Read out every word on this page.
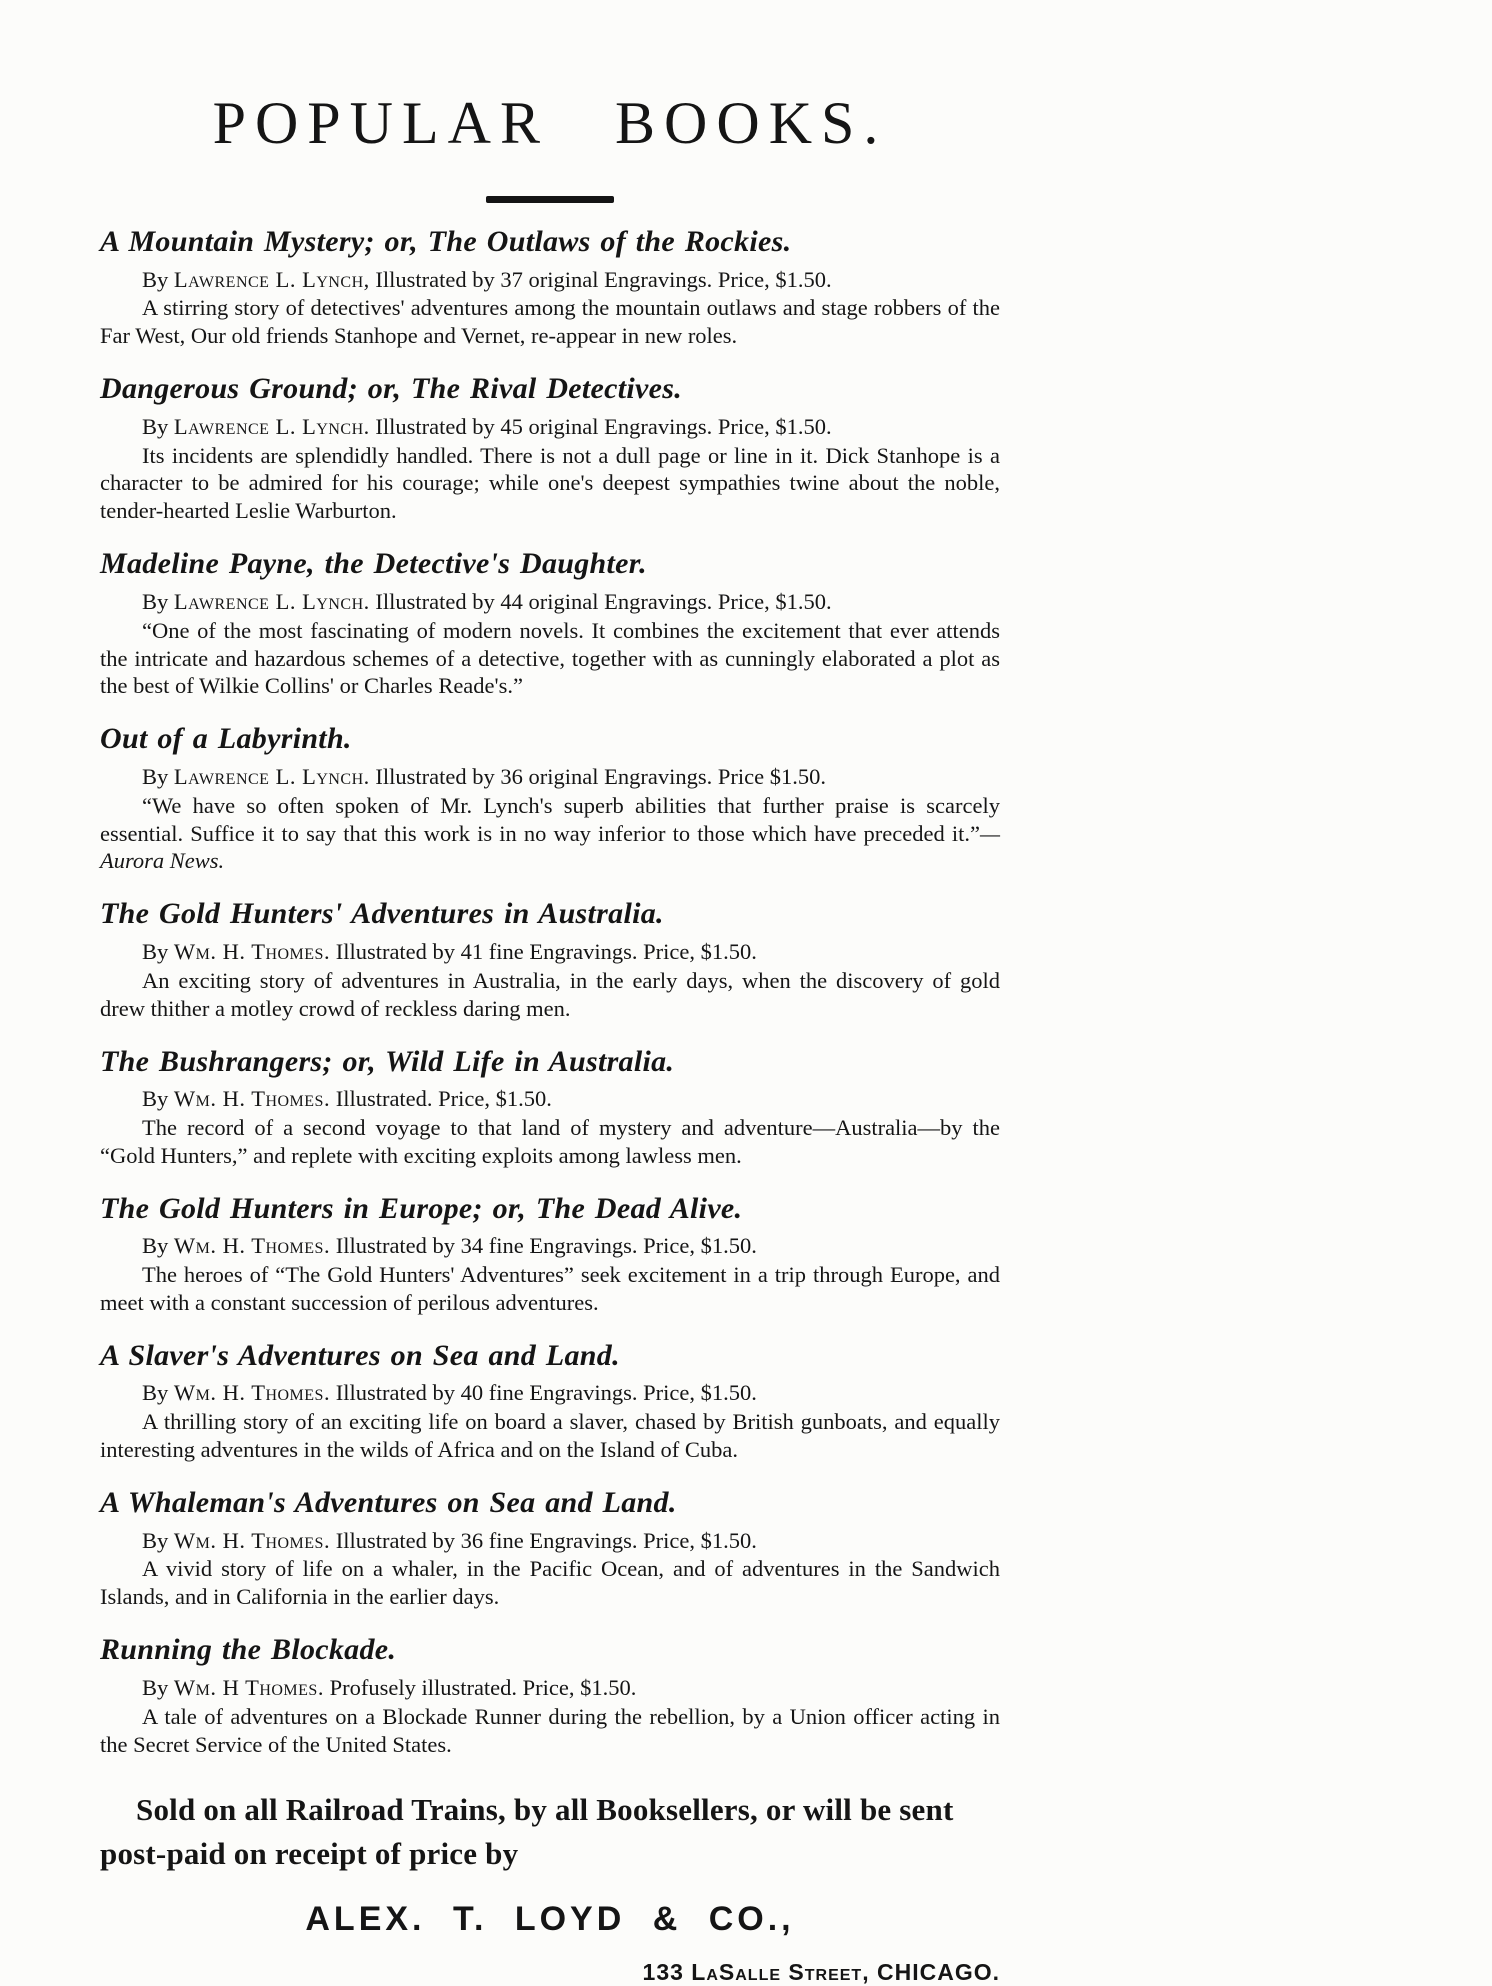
POPULAR BOOKS.
A Mountain Mystery; or, The Outlaws of the Rockies.

By Lawrence L. Lynch, Illustrated by 37 original Engravings. Price, $1.50.

A stirring story of detectives' adventures among the mountain outlaws and stage robbers of the Far West, Our old friends Stanhope and Vernet, re-appear in new roles.

Dangerous Ground; or, The Rival Detectives.

By Lawrence L. Lynch. Illustrated by 45 original Engravings. Price, $1.50.

Its incidents are splendidly handled. There is not a dull page or line in it. Dick Stanhope is a character to be admired for his courage; while one's deepest sympathies twine about the noble, tender-hearted Leslie Warburton.

Madeline Payne, the Detective's Daughter.

By Lawrence L. Lynch. Illustrated by 44 original Engravings. Price, $1.50.

“One of the most fascinating of modern novels. It combines the excitement that ever attends the intricate and hazardous schemes of a detective, together with as cunningly elaborated a plot as the best of Wilkie Collins' or Charles Reade's.”

Out of a Labyrinth.

By Lawrence L. Lynch. Illustrated by 36 original Engravings. Price $1.50.

“We have so often spoken of Mr. Lynch's superb abilities that further praise is scarcely essential. Suffice it to say that this work is in no way inferior to those which have preceded it.”—Aurora News.

The Gold Hunters' Adventures in Australia.

By Wm. H. Thomes. Illustrated by 41 fine Engravings. Price, $1.50.

An exciting story of adventures in Australia, in the early days, when the discovery of gold drew thither a motley crowd of reckless daring men.

The Bushrangers; or, Wild Life in Australia.

By Wm. H. Thomes. Illustrated. Price, $1.50.

The record of a second voyage to that land of mystery and adventure—Australia—by the “Gold Hunters,” and replete with exciting exploits among lawless men.

The Gold Hunters in Europe; or, The Dead Alive.

By Wm. H. Thomes. Illustrated by 34 fine Engravings. Price, $1.50.

The heroes of “The Gold Hunters' Adventures” seek excitement in a trip through Europe, and meet with a constant succession of perilous adventures.

A Slaver's Adventures on Sea and Land.

By Wm. H. Thomes. Illustrated by 40 fine Engravings. Price, $1.50.

A thrilling story of an exciting life on board a slaver, chased by British gunboats, and equally interesting adventures in the wilds of Africa and on the Island of Cuba.

A Whaleman's Adventures on Sea and Land.

By Wm. H. Thomes. Illustrated by 36 fine Engravings. Price, $1.50.

A vivid story of life on a whaler, in the Pacific Ocean, and of adventures in the Sandwich Islands, and in California in the earlier days.

Running the Blockade.

By Wm. H Thomes. Profusely illustrated. Price, $1.50.

A tale of adventures on a Blockade Runner during the rebellion, by a Union officer acting in the Secret Service of the United States.

Sold on all Railroad Trains, by all Booksellers, or will be sent post-paid on receipt of price by

ALEX. T. LOYD & CO.,

133 LaSalle Street, CHICAGO.
